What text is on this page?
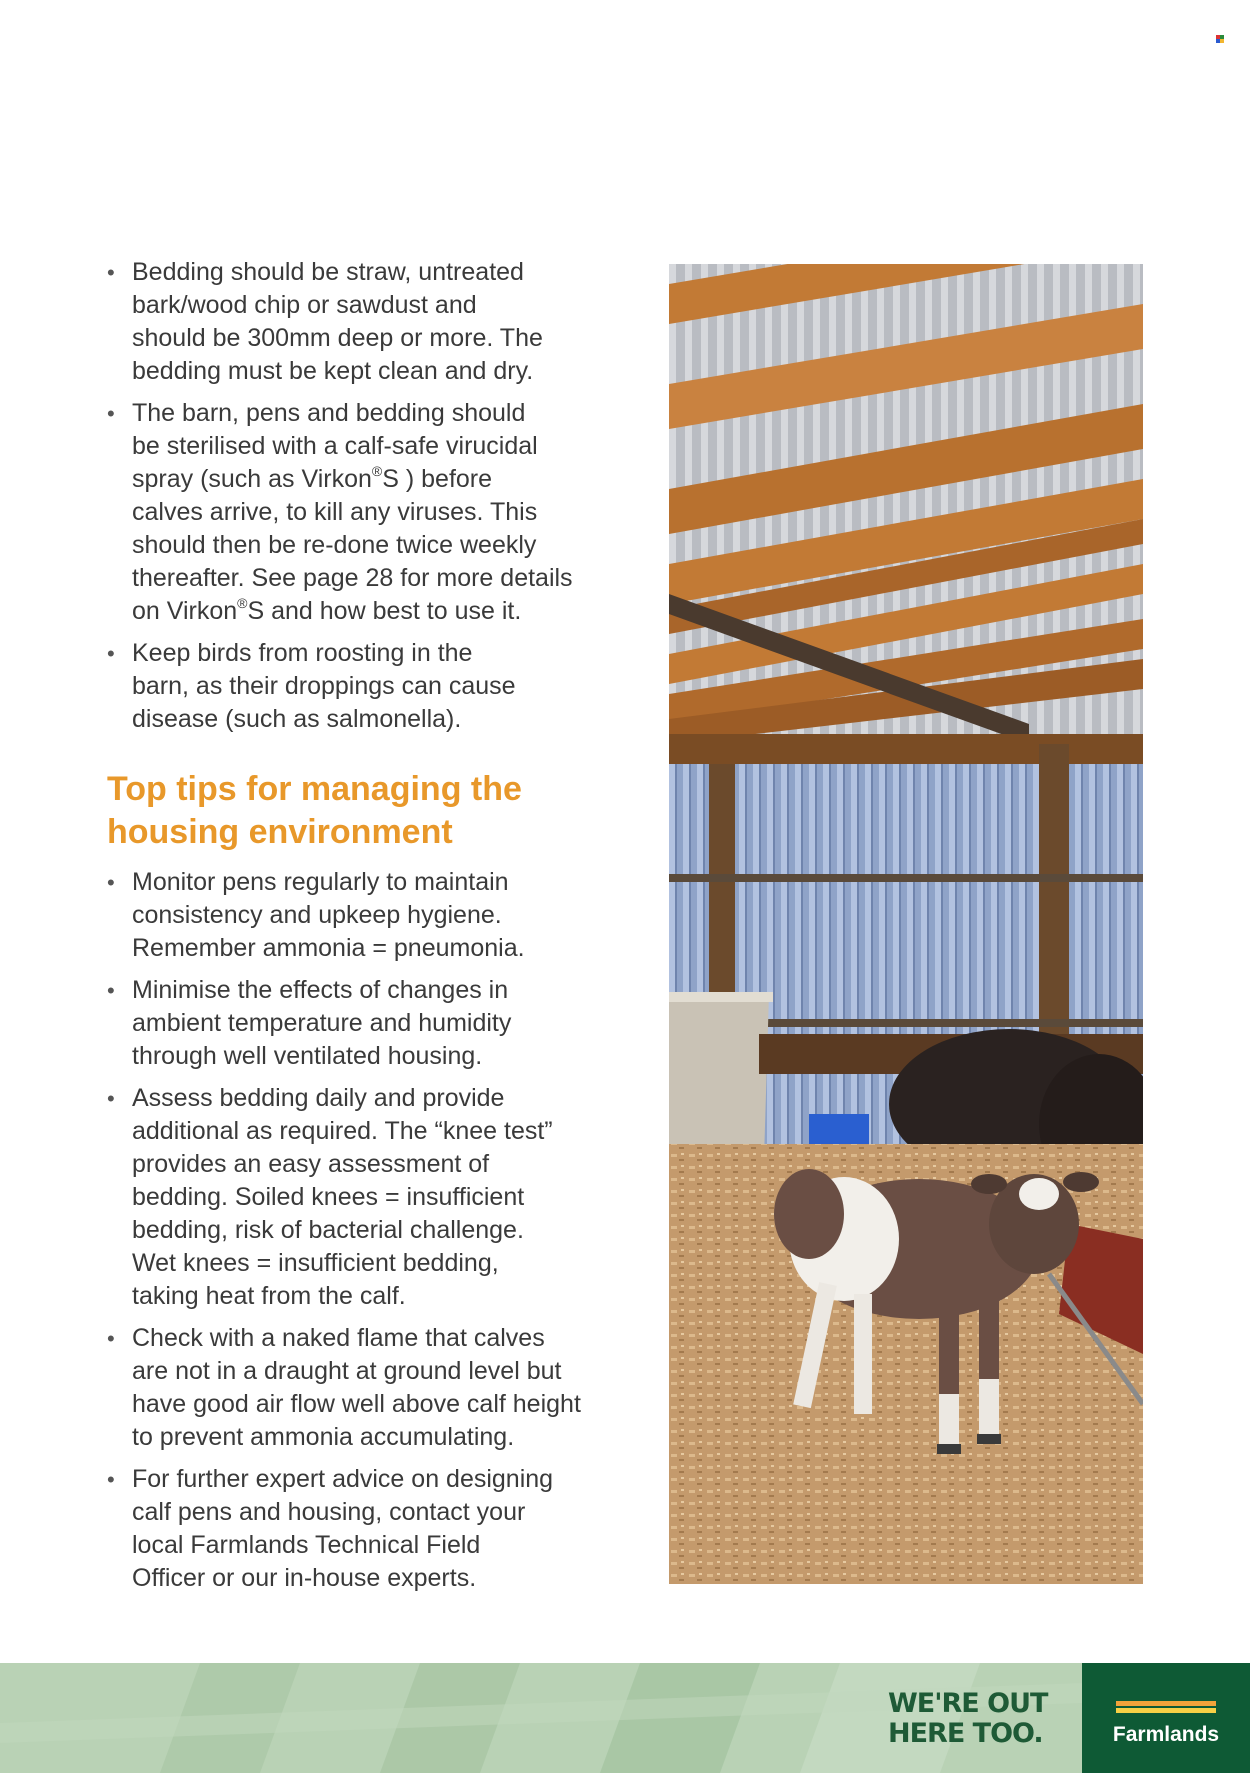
• Bedding should be straw, untreated
bark/wood chip or sawdust and
should be 300mm deep or more. The
bedding must be kept clean and dry.
• The barn, pens and bedding should
be sterilised with a calf-safe virucidal
spray (such as Virkon®S ) before
calves arrive, to kill any viruses. This
should then be re-done twice weekly
thereafter. See page 28 for more details
on Virkon®S and how best to use it.
• Keep birds from roosting in the
barn, as their droppings can cause
disease (such as salmonella).
Top tips for managing the
housing environment
• Monitor pens regularly to maintain
consistency and upkeep hygiene.
Remember ammonia = pneumonia.
• Minimise the effects of changes in
ambient temperature and humidity
through well ventilated housing.
• Assess bedding daily and provide
additional as required. The “knee test”
provides an easy assessment of
bedding. Soiled knees = insufficient
bedding, risk of bacterial challenge.
Wet knees = insufficient bedding,
taking heat from the calf.
• Check with a naked flame that calves
are not in a draught at ground level but
have good air flow well above calf height
to prevent ammonia accumulating.
• For further expert advice on designing
calf pens and housing, contact your
local Farmlands Technical Field
Officer or our in-house experts.
WE'RE OUT
HERE TOO.	Farmlands
